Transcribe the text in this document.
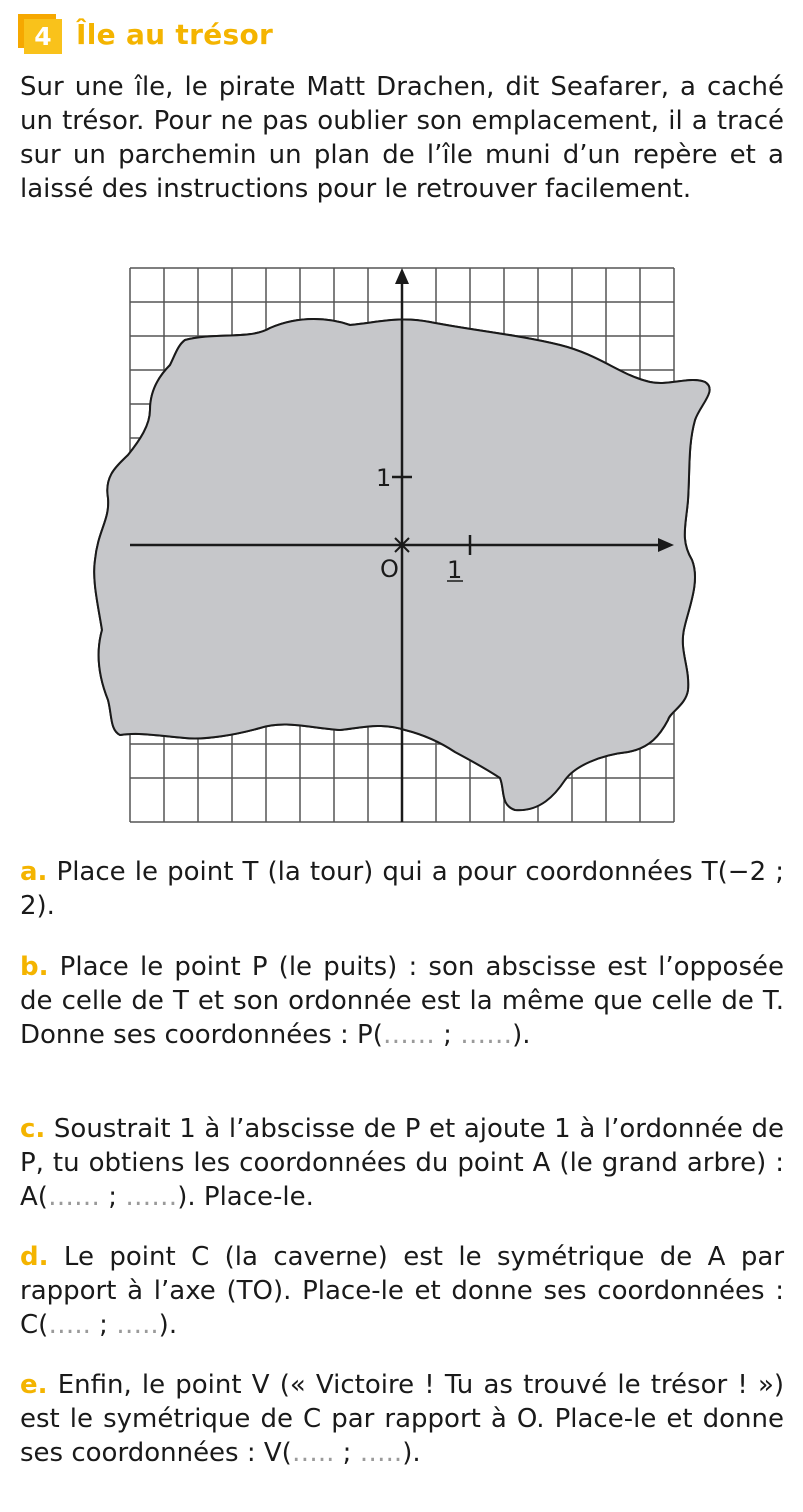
4 Île au trésor

Sur une île, le pirate Matt Drachen, dit Seafarer, a caché un trésor. Pour ne pas oublier son emplacement, il a tracé sur un parchemin un plan de l’île muni d’un repère et a laissé des instructions pour le retrouver facilement.

O 1
1

a. Place le point T (la tour) qui a pour coordonnées T(−2 ; 2).

b. Place le point P (le puits) : son abscisse est l’opposée de celle de T et son ordonnée est la même que celle de T. Donne ses coordonnées : P(…… ; ……).

c. Soustrait 1 à l’abscisse de P et ajoute 1 à l’ordonnée de P, tu obtiens les coordonnées du point A (le grand arbre) : A(…… ; ……). Place-le.

d. Le point C (la caverne) est le symétrique de A par rapport à l’axe (TO). Place-le et donne ses coordonnées : C(….. ; …..).

e. Enfin, le point V (« Victoire ! Tu as trouvé le trésor ! ») est le symétrique de C par rapport à O. Place-le et donne ses coordonnées : V(….. ; …..).
